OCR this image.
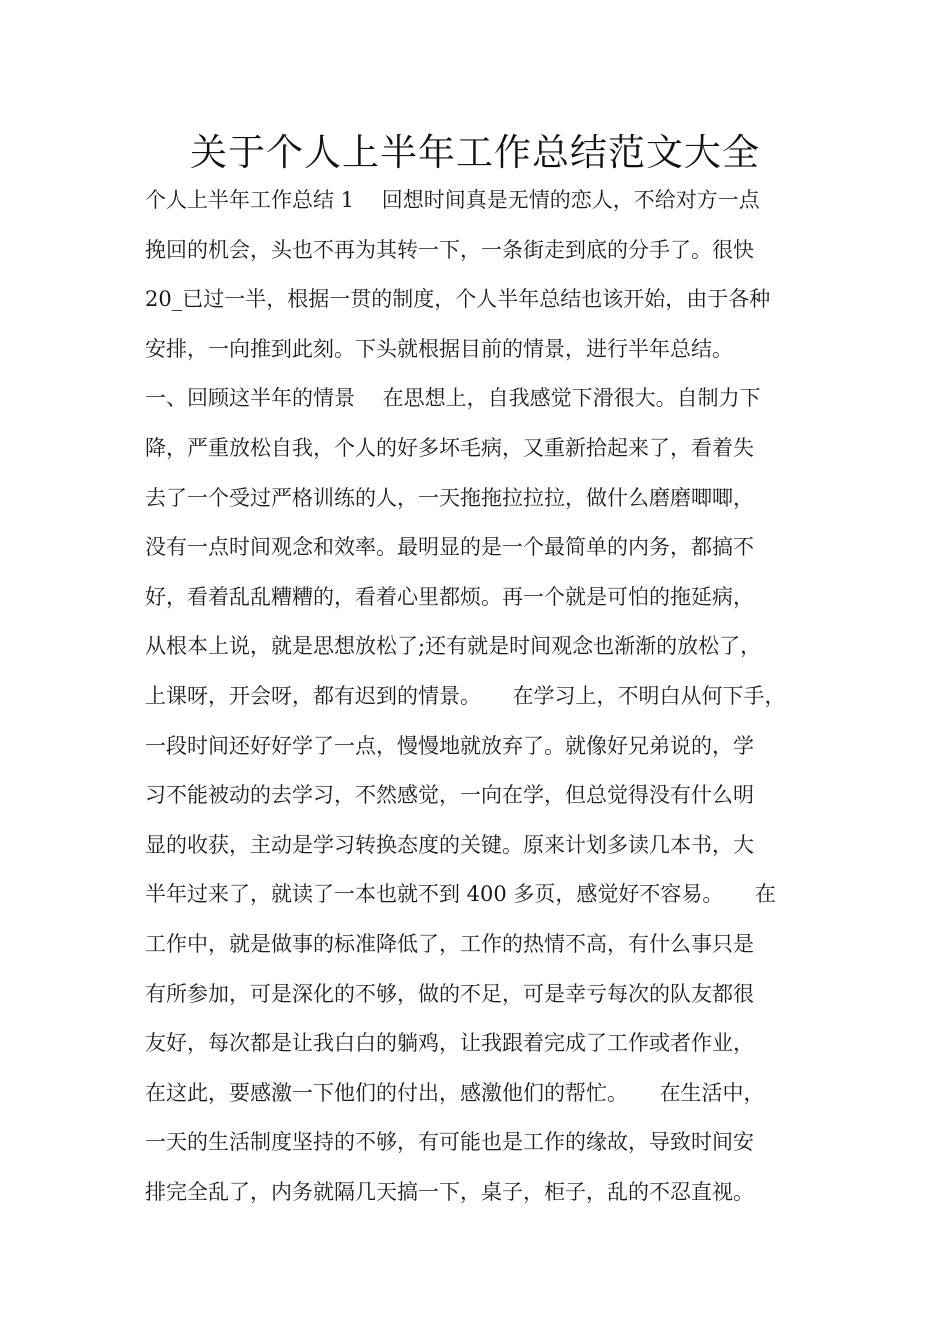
关于个人上半年工作总结范文大全
个人上半年工作总结 1　 回想时间真是无情的恋人，不给对方一点
挽回的机会，头也不再为其转一下，一条街走到底的分手了。很快
20_已过一半，根据一贯的制度，个人半年总结也该开始，由于各种
安排，一向推到此刻。下头就根据目前的情景，进行半年总结。
一、回顾这半年的情景　 在思想上，自我感觉下滑很大。自制力下
降，严重放松自我，个人的好多坏毛病，又重新拾起来了，看着失
去了一个受过严格训练的人，一天拖拖拉拉拉，做什么磨磨唧唧，
没有一点时间观念和效率。最明显的是一个最简单的内务，都搞不
好，看着乱乱糟糟的，看着心里都烦。再一个就是可怕的拖延病，
从根本上说，就是思想放松了;还有就是时间观念也渐渐的放松了，
上课呀，开会呀，都有迟到的情景。　　在学习上，不明白从何下手，
一段时间还好好学了一点，慢慢地就放弃了。就像好兄弟说的，学
习不能被动的去学习，不然感觉，一向在学，但总觉得没有什么明
显的收获，主动是学习转换态度的关键。原来计划多读几本书，大
半年过来了，就读了一本也就不到 400 多页，感觉好不容易。　　在
工作中，就是做事的标准降低了，工作的热情不高，有什么事只是
有所参加，可是深化的不够，做的不足，可是幸亏每次的队友都很
友好，每次都是让我白白的躺鸡，让我跟着完成了工作或者作业，
在这此，要感激一下他们的付出，感激他们的帮忙。　　在生活中，
一天的生活制度坚持的不够，有可能也是工作的缘故，导致时间安
排完全乱了，内务就隔几天搞一下，桌子，柜子，乱的不忍直视。
